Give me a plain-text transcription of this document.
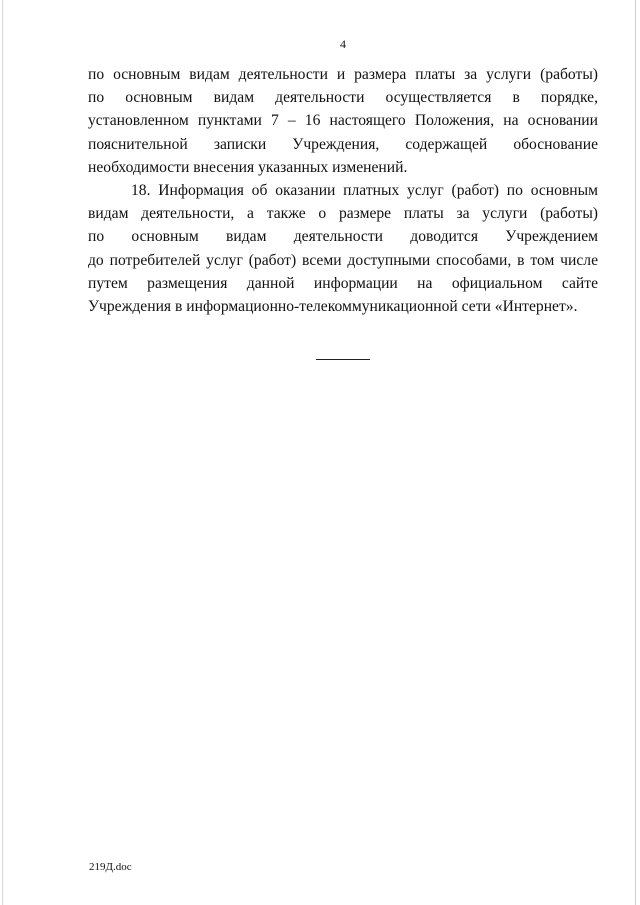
4
по основным видам деятельности и размера платы за услуги (работы)
по основным видам деятельности осуществляется в порядке,
установленном пунктами 7 – 16 настоящего Положения, на основании
пояснительной записки Учреждения, содержащей обоснование
необходимости внесения указанных изменений.
18. Информация об оказании платных услуг (работ) по основным
видам деятельности, а также о размере платы за услуги (работы)
по основным видам деятельности доводится Учреждением
до потребителей услуг (работ) всеми доступными способами, в том числе
путем размещения данной информации на официальном сайте
Учреждения в информационно-телекоммуникационной сети «Интернет».
219Д.doc
